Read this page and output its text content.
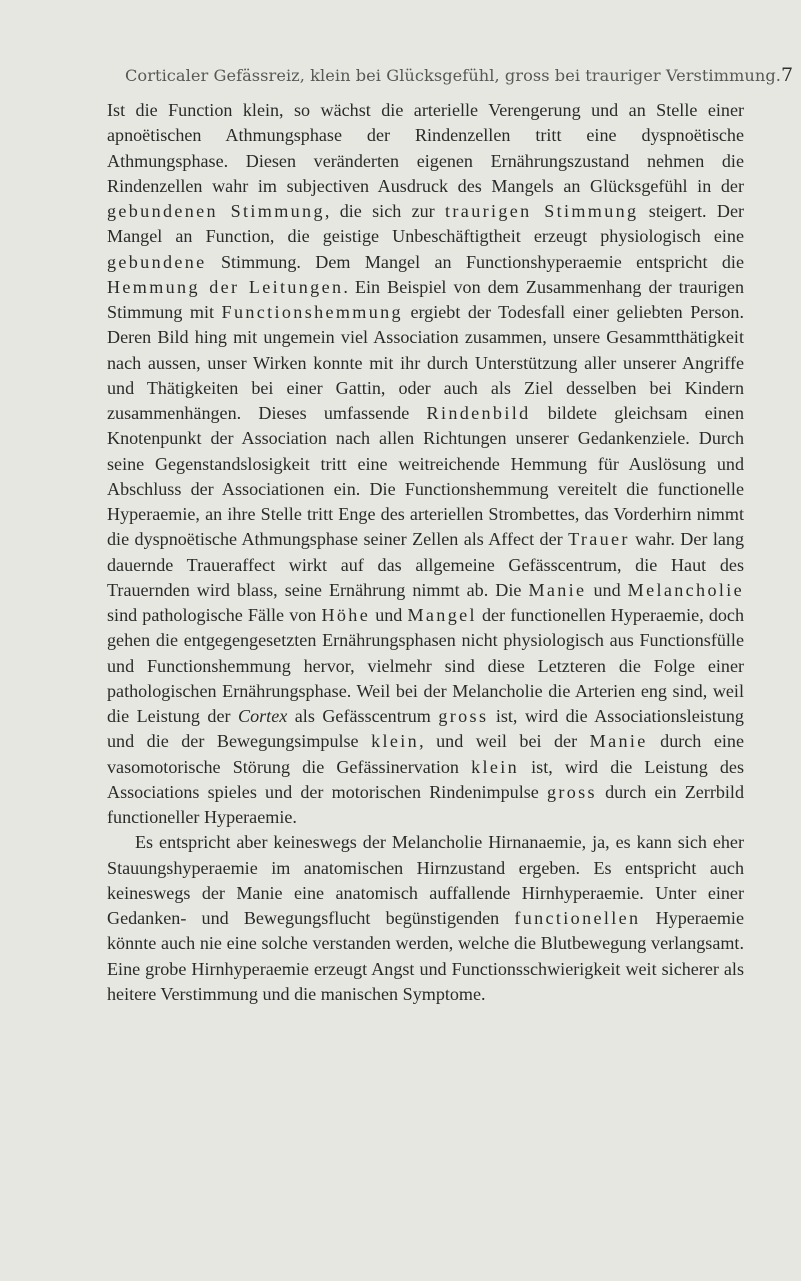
Corticaler Gefässreiz, klein bei Glücksgefühl, gross bei trauriger Verstimmung. 7

Ist die Function klein, so wächst die arterielle Verengerung und an Stelle einer apnoëtischen Athmungsphase der Rindenzellen tritt eine dyspnoëtische Athmungsphase. Diesen veränderten eigenen Ernährungszustand nehmen die Rindenzellen wahr im subjectiven Ausdruck des Mangels an Glücksgefühl in der gebundenen Stimmung, die sich zur traurigen Stimmung steigert. Der Mangel an Function, die geistige Unbeschäftigtheit erzeugt physiologisch eine gebundene Stimmung. Dem Mangel an Functionshyperaemie entspricht die Hemmung der Leitungen. Ein Beispiel von dem Zusammenhang der traurigen Stimmung mit Functionshemmung ergiebt der Todesfall einer geliebten Person. Deren Bild hing mit ungemein viel Association zusammen, unsere Gesammtthätigkeit nach aussen, unser Wirken konnte mit ihr durch Unterstützung aller unserer Angriffe und Thätigkeiten bei einer Gattin, oder auch als Ziel desselben bei Kindern zusammenhängen. Dieses umfassende Rindenbild bildete gleichsam einen Knotenpunkt der Association nach allen Richtungen unserer Gedankenziele. Durch seine Gegenstandslosigkeit tritt eine weitreichende Hemmung für Auslösung und Abschluss der Associationen ein. Die Functionshemmung vereitelt die functionelle Hyperaemie, an ihre Stelle tritt Enge des arteriellen Strombettes, das Vorderhirn nimmt die dyspnoëtische Athmungsphase seiner Zellen als Affect der Trauer wahr. Der lang dauernde Traueraffect wirkt auf das allgemeine Gefässcentrum, die Haut des Trauernden wird blass, seine Ernährung nimmt ab. Die Manie und Melancholie sind pathologische Fälle von Höhe und Mangel der functionellen Hyperaemie, doch gehen die entgegengesetzten Ernährungsphasen nicht physiologisch aus Functionsfülle und Functionshemmung hervor, vielmehr sind diese Letzteren die Folge einer pathologischen Ernährungsphase. Weil bei der Melancholie die Arterien eng sind, weil die Leistung der Cortex als Gefässcentrum gross ist, wird die Associationsleistung und die der Bewegungsimpulse klein, und weil bei der Manie durch eine vasomotorische Störung die Gefässinervation klein ist, wird die Leistung des Associations spieles und der motorischen Rindenimpulse gross durch ein Zerrbild functioneller Hyperaemie.

Es entspricht aber keineswegs der Melancholie Hirnanaemie, ja, es kann sich eher Stauungshyperaemie im anatomischen Hirnzustand ergeben. Es entspricht auch keineswegs der Manie eine anatomisch auffallende Hirnhyperaemie. Unter einer Gedanken- und Bewegungsflucht begünstigenden functionellen Hyperaemie könnte auch nie eine solche verstanden werden, welche die Blutbewegung verlangsamt. Eine grobe Hirnhyperaemie erzeugt Angst und Functionsschwierigkeit weit sicherer als heitere Verstimmung und die manischen Symptome.
